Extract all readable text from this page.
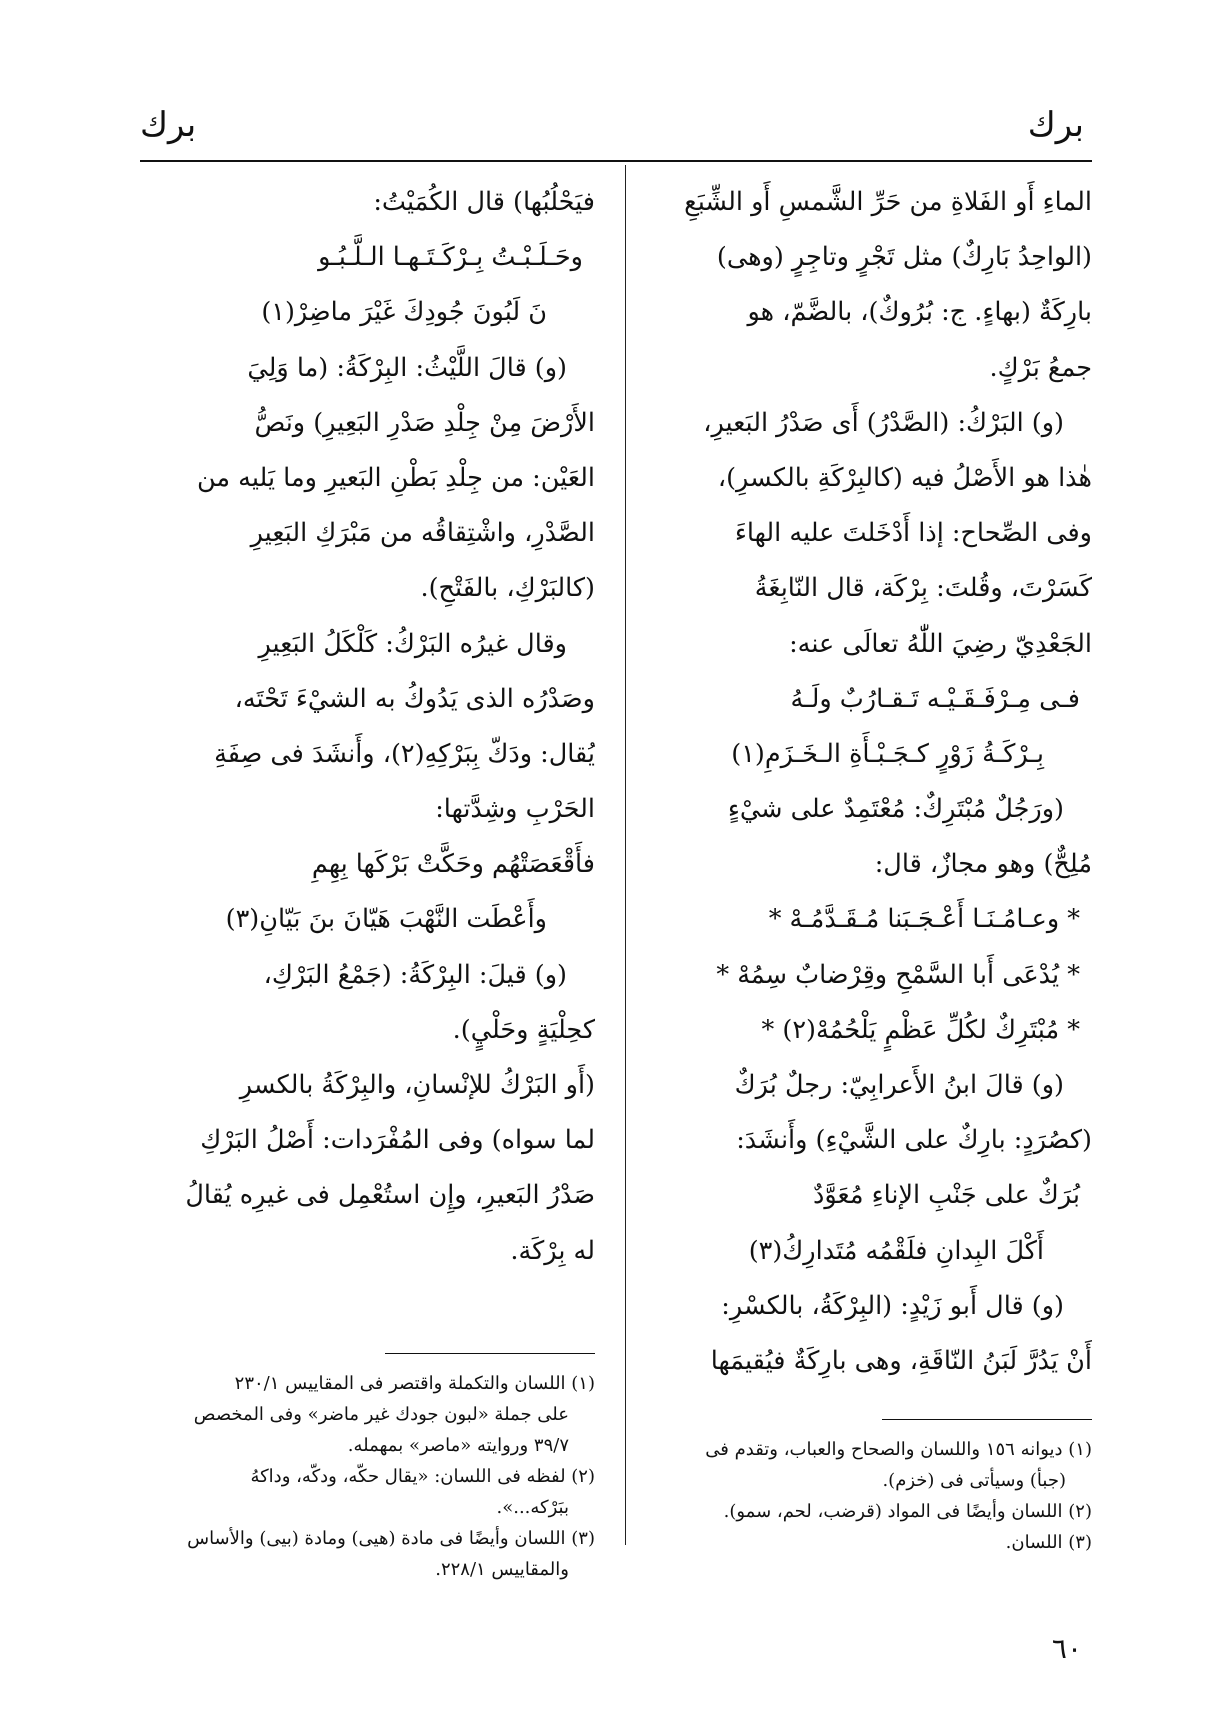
برك
برك
الماءِ أَو الفَلاةِ من حَرِّ الشَّمسِ أَو الشِّبَعِ
(الواحِدُ بَارِكٌ) مثل تَجْرٍ وتاجِرٍ (وهى)
بارِكَةٌ (بهاءٍ. ج: بُرُوكٌ)، بالضَّمّ، هو
جمعُ بَرْكٍ.
(و) البَرْكُ: (الصَّدْرُ) أَى صَدْرُ البَعيرِ،
هٰذا هو الأَصْلُ فيه (كالبِرْكَةِ بالكسرِ)،
وفى الصِّحاح: إذا أَدْخَلتَ عليه الهاءَ
كَسَرْتَ، وقُلتَ: بِرْكَة، قال النّابِغَةُ
الجَعْدِيّ رضِيَ اللّٰهُ تعالَى عنه:
فـى مِـرْفَـقَـيْـه تَـقـارُبٌ ولَـهُ
بِـرْكَـةُ زَوْرٍ كـجَـبْـأَةِ الـخَـزَمِ(١)
(ورَجُلٌ مُبْتَرِكٌ: مُعْتَمِدٌ على شيْءٍ
مُلِحٌّ) وهو مجازٌ، قال:
* وعـامُـنَـا أَعْـجَـبَنا مُـقَـدَّمُـهْ *
* يُدْعَى أَبا السَّمْحِ وقِرْضابٌ سِمُهْ *
* مُبْتَرِكٌ لكُلِّ عَظْمٍ يَلْحُمُهْ(٢) *
(و) قالَ ابنُ الأَعرابِيّ: رجلٌ بُرَكٌ
(كصُرَدٍ: بارِكٌ على الشَّيْءِ) وأَنشَدَ:
بُرَكٌ على جَنْبِ الإناءِ مُعَوَّدٌ
أَكْلَ البِدانِ فلَقْمُه مُتَدارِكُ(٣)
(و) قال أَبو زَيْدٍ: (البِرْكَةُ، بالكسْرِ:
أَنْ يَدُرَّ لَبَنُ النّاقَةِ، وهى بارِكَةٌ فيُقيمَها
(١) ديوانه ١٥٦ واللسان والصحاح والعباب، وتقدم فى
(جبأ) وسيأتى فى (خزم).
(٢) اللسان وأيضًا فى المواد (قرضب، لحم، سمو).
(٣) اللسان.
فيَحْلُبُها) قال الكُمَيْتُ:
وحَـلَـبْـتُ بِـرْكَـتَـهـا الـلَّـبُـو
نَ لَبُونَ جُودِكَ غَيْرَ ماضِرْ(١)
(و) قالَ اللَّيْثُ: البِرْكَةُ: (ما وَلِيَ
الأَرْضَ مِنْ جِلْدِ صَدْرِ البَعِيرِ) ونَصُّ
العَيْن: من جِلْدِ بَطْنِ البَعيرِ وما يَليه من
الصَّدْرِ، واشْتِقاقُه من مَبْرَكِ البَعِيرِ
(كالبَرْكِ، بالفَتْحِ).
وقال غيرُه البَرْكُ: كَلْكَلُ البَعِيرِ
وصَدْرُه الذى يَدُوكُ به الشيْءَ تَحْتَه،
يُقال: ودَكّ بِبَرْكِهِ(٢)، وأَنشَدَ فى صِفَةِ
الحَرْبِ وشِدَّتها:
فأَقْعَصَتْهُم وحَكَّتْ بَرْكَها بِهِمِ
وأَعْطَت النَّهْبَ هَيّانَ بنَ بَيّانِ(٣)
(و) قيلَ: البِرْكَةُ: (جَمْعُ البَرْكِ،
كحِلْيَةٍ وحَلْيٍ).
(أَو البَرْكُ للإنْسانِ، والبِرْكَةُ بالكسرِ
لما سواه) وفى المُفْرَدات: أَصْلُ البَرْكِ
صَدْرُ البَعيرِ، وإِن استُعْمِل فى غيرِه يُقالُ
له بِرْكَة.
(١) اللسان والتكملة واقتصر فى المقاييس ٢٣٠/١
على جملة «لبون جودك غير ماضر» وفى المخصص
٣٩/٧ وروايته «ماصر» بمهمله.
(٢) لفظه فى اللسان: «يقال حكّه، ودكّه، وداكهُ
ببَرْكه...».
(٣) اللسان وأيضًا فى مادة (هيى) ومادة (بيى) والأساس
والمقاييس ٢٢٨/١.
٦٠
